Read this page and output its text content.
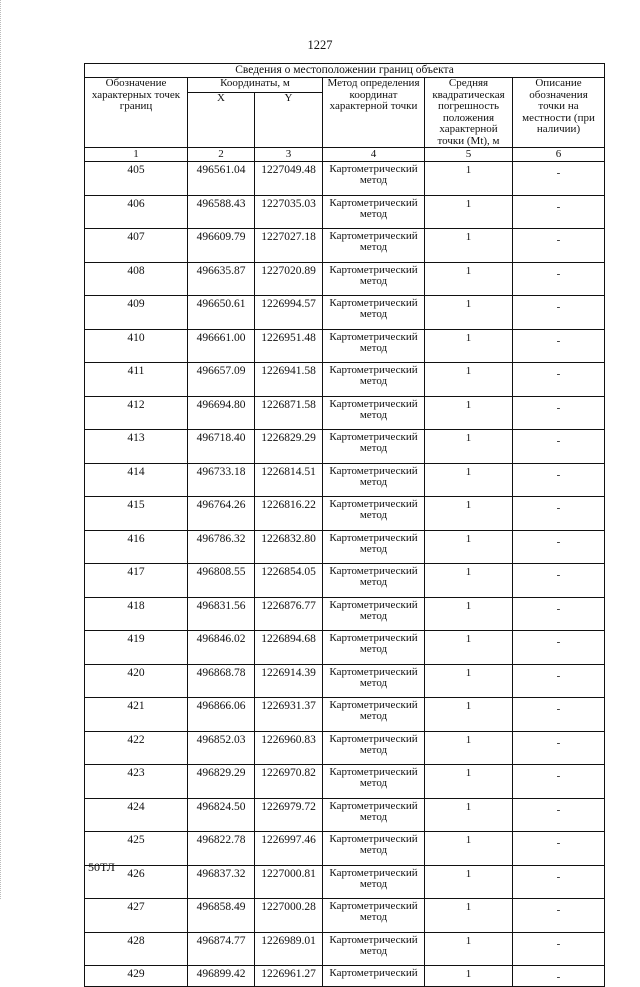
1227
Сведения о местоположении границ объекта					
Обозначение характерных точек границ	Координаты, м		Метод определения координат характерной точки	Средняя квадратическая погрешность положения характерной точки (Mt), м	Описание обозначения точки на местности (при наличии)
	X	Y			
1	2	3	4	5	6
405	496561.04	1227049.48	Картометрический метод	1	-
406	496588.43	1227035.03	Картометрический метод	1	-
407	496609.79	1227027.18	Картометрический метод	1	-
408	496635.87	1227020.89	Картометрический метод	1	-
409	496650.61	1226994.57	Картометрический метод	1	-
410	496661.00	1226951.48	Картометрический метод	1	-
411	496657.09	1226941.58	Картометрический метод	1	-
412	496694.80	1226871.58	Картометрический метод	1	-
413	496718.40	1226829.29	Картометрический метод	1	-
414	496733.18	1226814.51	Картометрический метод	1	-
415	496764.26	1226816.22	Картометрический метод	1	-
416	496786.32	1226832.80	Картометрический метод	1	-
417	496808.55	1226854.05	Картометрический метод	1	-
418	496831.56	1226876.77	Картометрический метод	1	-
419	496846.02	1226894.68	Картометрический метод	1	-
420	496868.78	1226914.39	Картометрический метод	1	-
421	496866.06	1226931.37	Картометрический метод	1	-
422	496852.03	1226960.83	Картометрический метод	1	-
423	496829.29	1226970.82	Картометрический метод	1	-
424	496824.50	1226979.72	Картометрический метод	1	-
425	496822.78	1226997.46	Картометрический метод	1	-
426	496837.32	1227000.81	Картометрический метод	1	-
427	496858.49	1227000.28	Картометрический метод	1	-
428	496874.77	1226989.01	Картометрический метод	1	-
429	496899.42	1226961.27	Картометрический	1	-
50ТЛ
